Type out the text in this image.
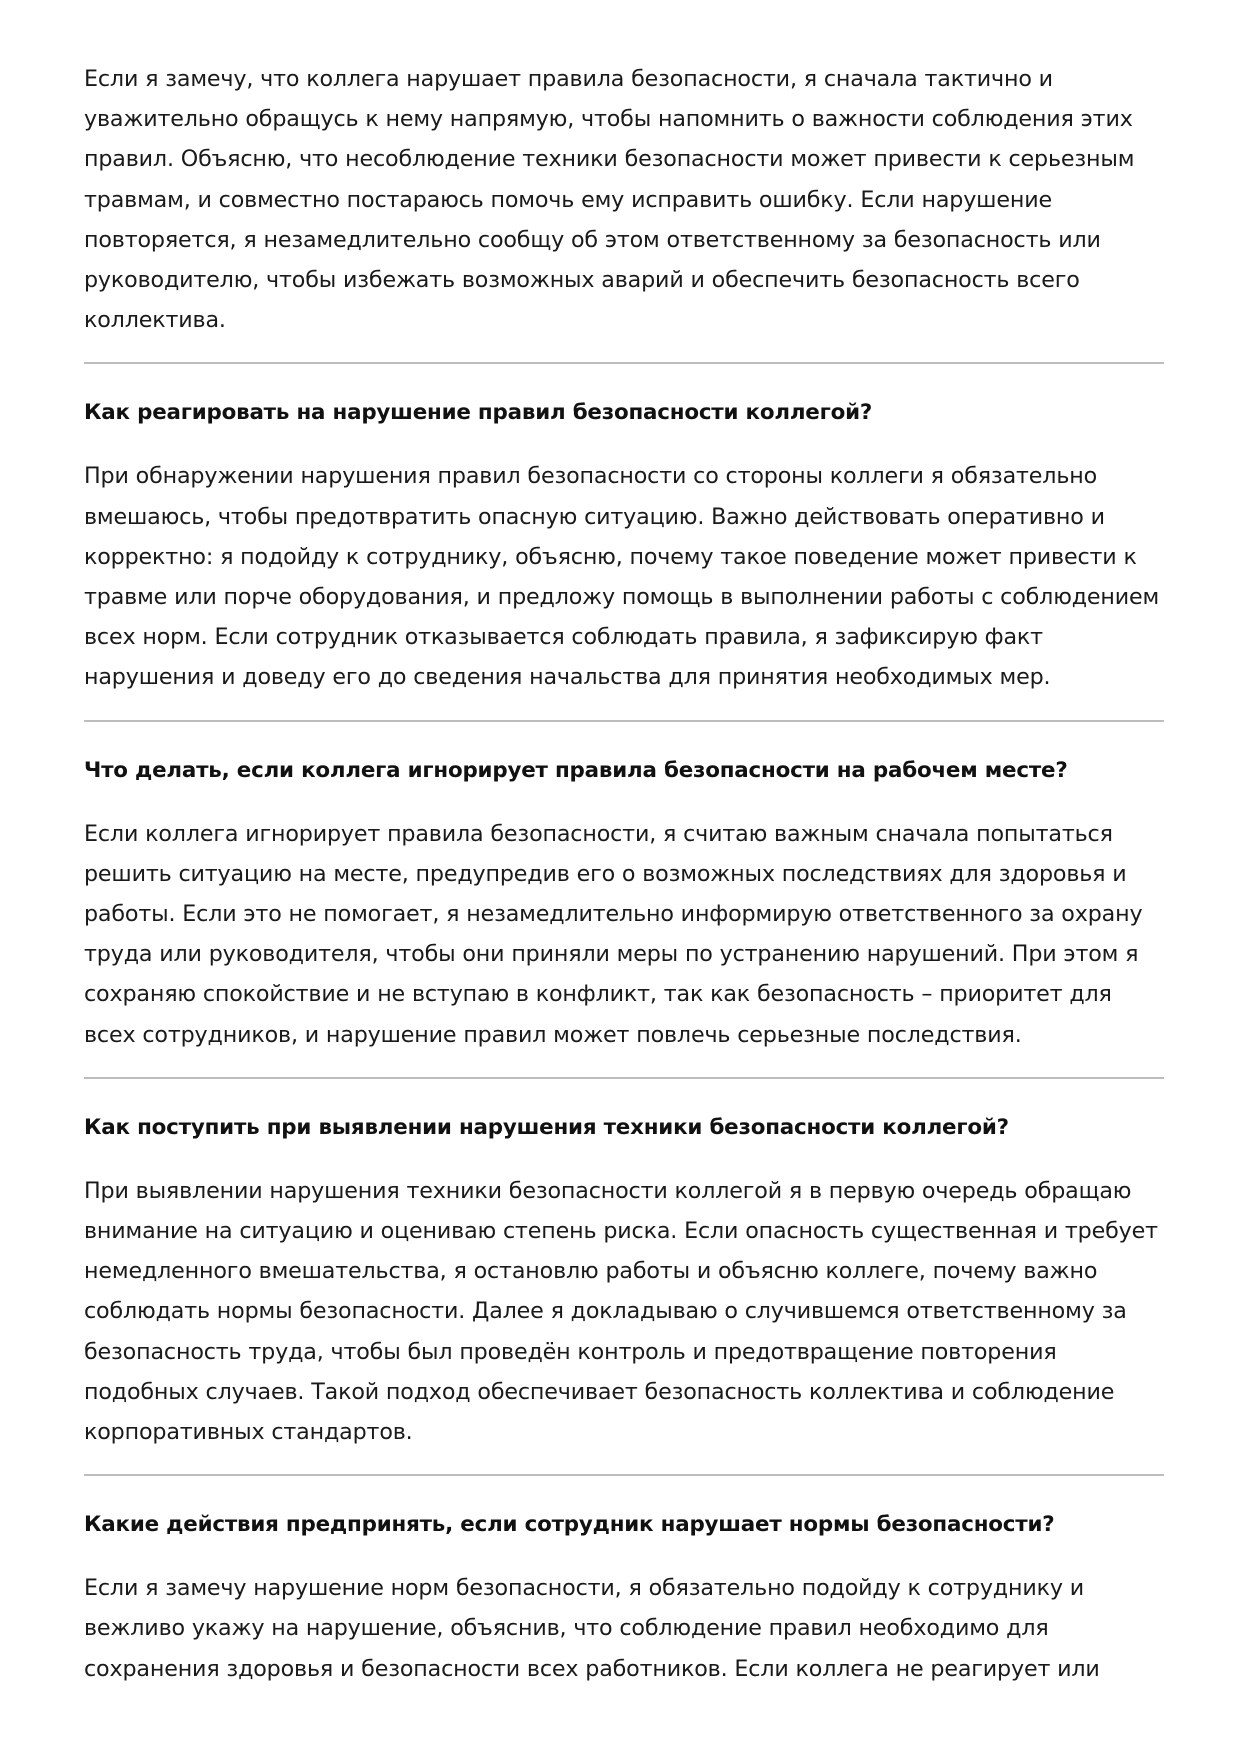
Если я замечу, что коллега нарушает правила безопасности, я сначала тактично и уважительно обращусь к нему напрямую, чтобы напомнить о важности соблюдения этих правил. Объясню, что несоблюдение техники безопасности может привести к серьезным травмам, и совместно постараюсь помочь ему исправить ошибку. Если нарушение повторяется, я незамедлительно сообщу об этом ответственному за безопасность или руководителю, чтобы избежать возможных аварий и обеспечить безопасность всего коллектива.

Как реагировать на нарушение правил безопасности коллегой?

При обнаружении нарушения правил безопасности со стороны коллеги я обязательно вмешаюсь, чтобы предотвратить опасную ситуацию. Важно действовать оперативно и корректно: я подойду к сотруднику, объясню, почему такое поведение может привести к травме или порче оборудования, и предложу помощь в выполнении работы с соблюдением всех норм. Если сотрудник отказывается соблюдать правила, я зафиксирую факт нарушения и доведу его до сведения начальства для принятия необходимых мер.

Что делать, если коллега игнорирует правила безопасности на рабочем месте?

Если коллега игнорирует правила безопасности, я считаю важным сначала попытаться решить ситуацию на месте, предупредив его о возможных последствиях для здоровья и работы. Если это не помогает, я незамедлительно информирую ответственного за охрану труда или руководителя, чтобы они приняли меры по устранению нарушений. При этом я сохраняю спокойствие и не вступаю в конфликт, так как безопасность – приоритет для всех сотрудников, и нарушение правил может повлечь серьезные последствия.

Как поступить при выявлении нарушения техники безопасности коллегой?

При выявлении нарушения техники безопасности коллегой я в первую очередь обращаю внимание на ситуацию и оцениваю степень риска. Если опасность существенная и требует немедленного вмешательства, я остановлю работы и объясню коллеге, почему важно соблюдать нормы безопасности. Далее я докладываю о случившемся ответственному за безопасность труда, чтобы был проведён контроль и предотвращение повторения подобных случаев. Такой подход обеспечивает безопасность коллектива и соблюдение корпоративных стандартов.

Какие действия предпринять, если сотрудник нарушает нормы безопасности?

Если я замечу нарушение норм безопасности, я обязательно подойду к сотруднику и вежливо укажу на нарушение, объяснив, что соблюдение правил необходимо для сохранения здоровья и безопасности всех работников. Если коллега не реагирует или
